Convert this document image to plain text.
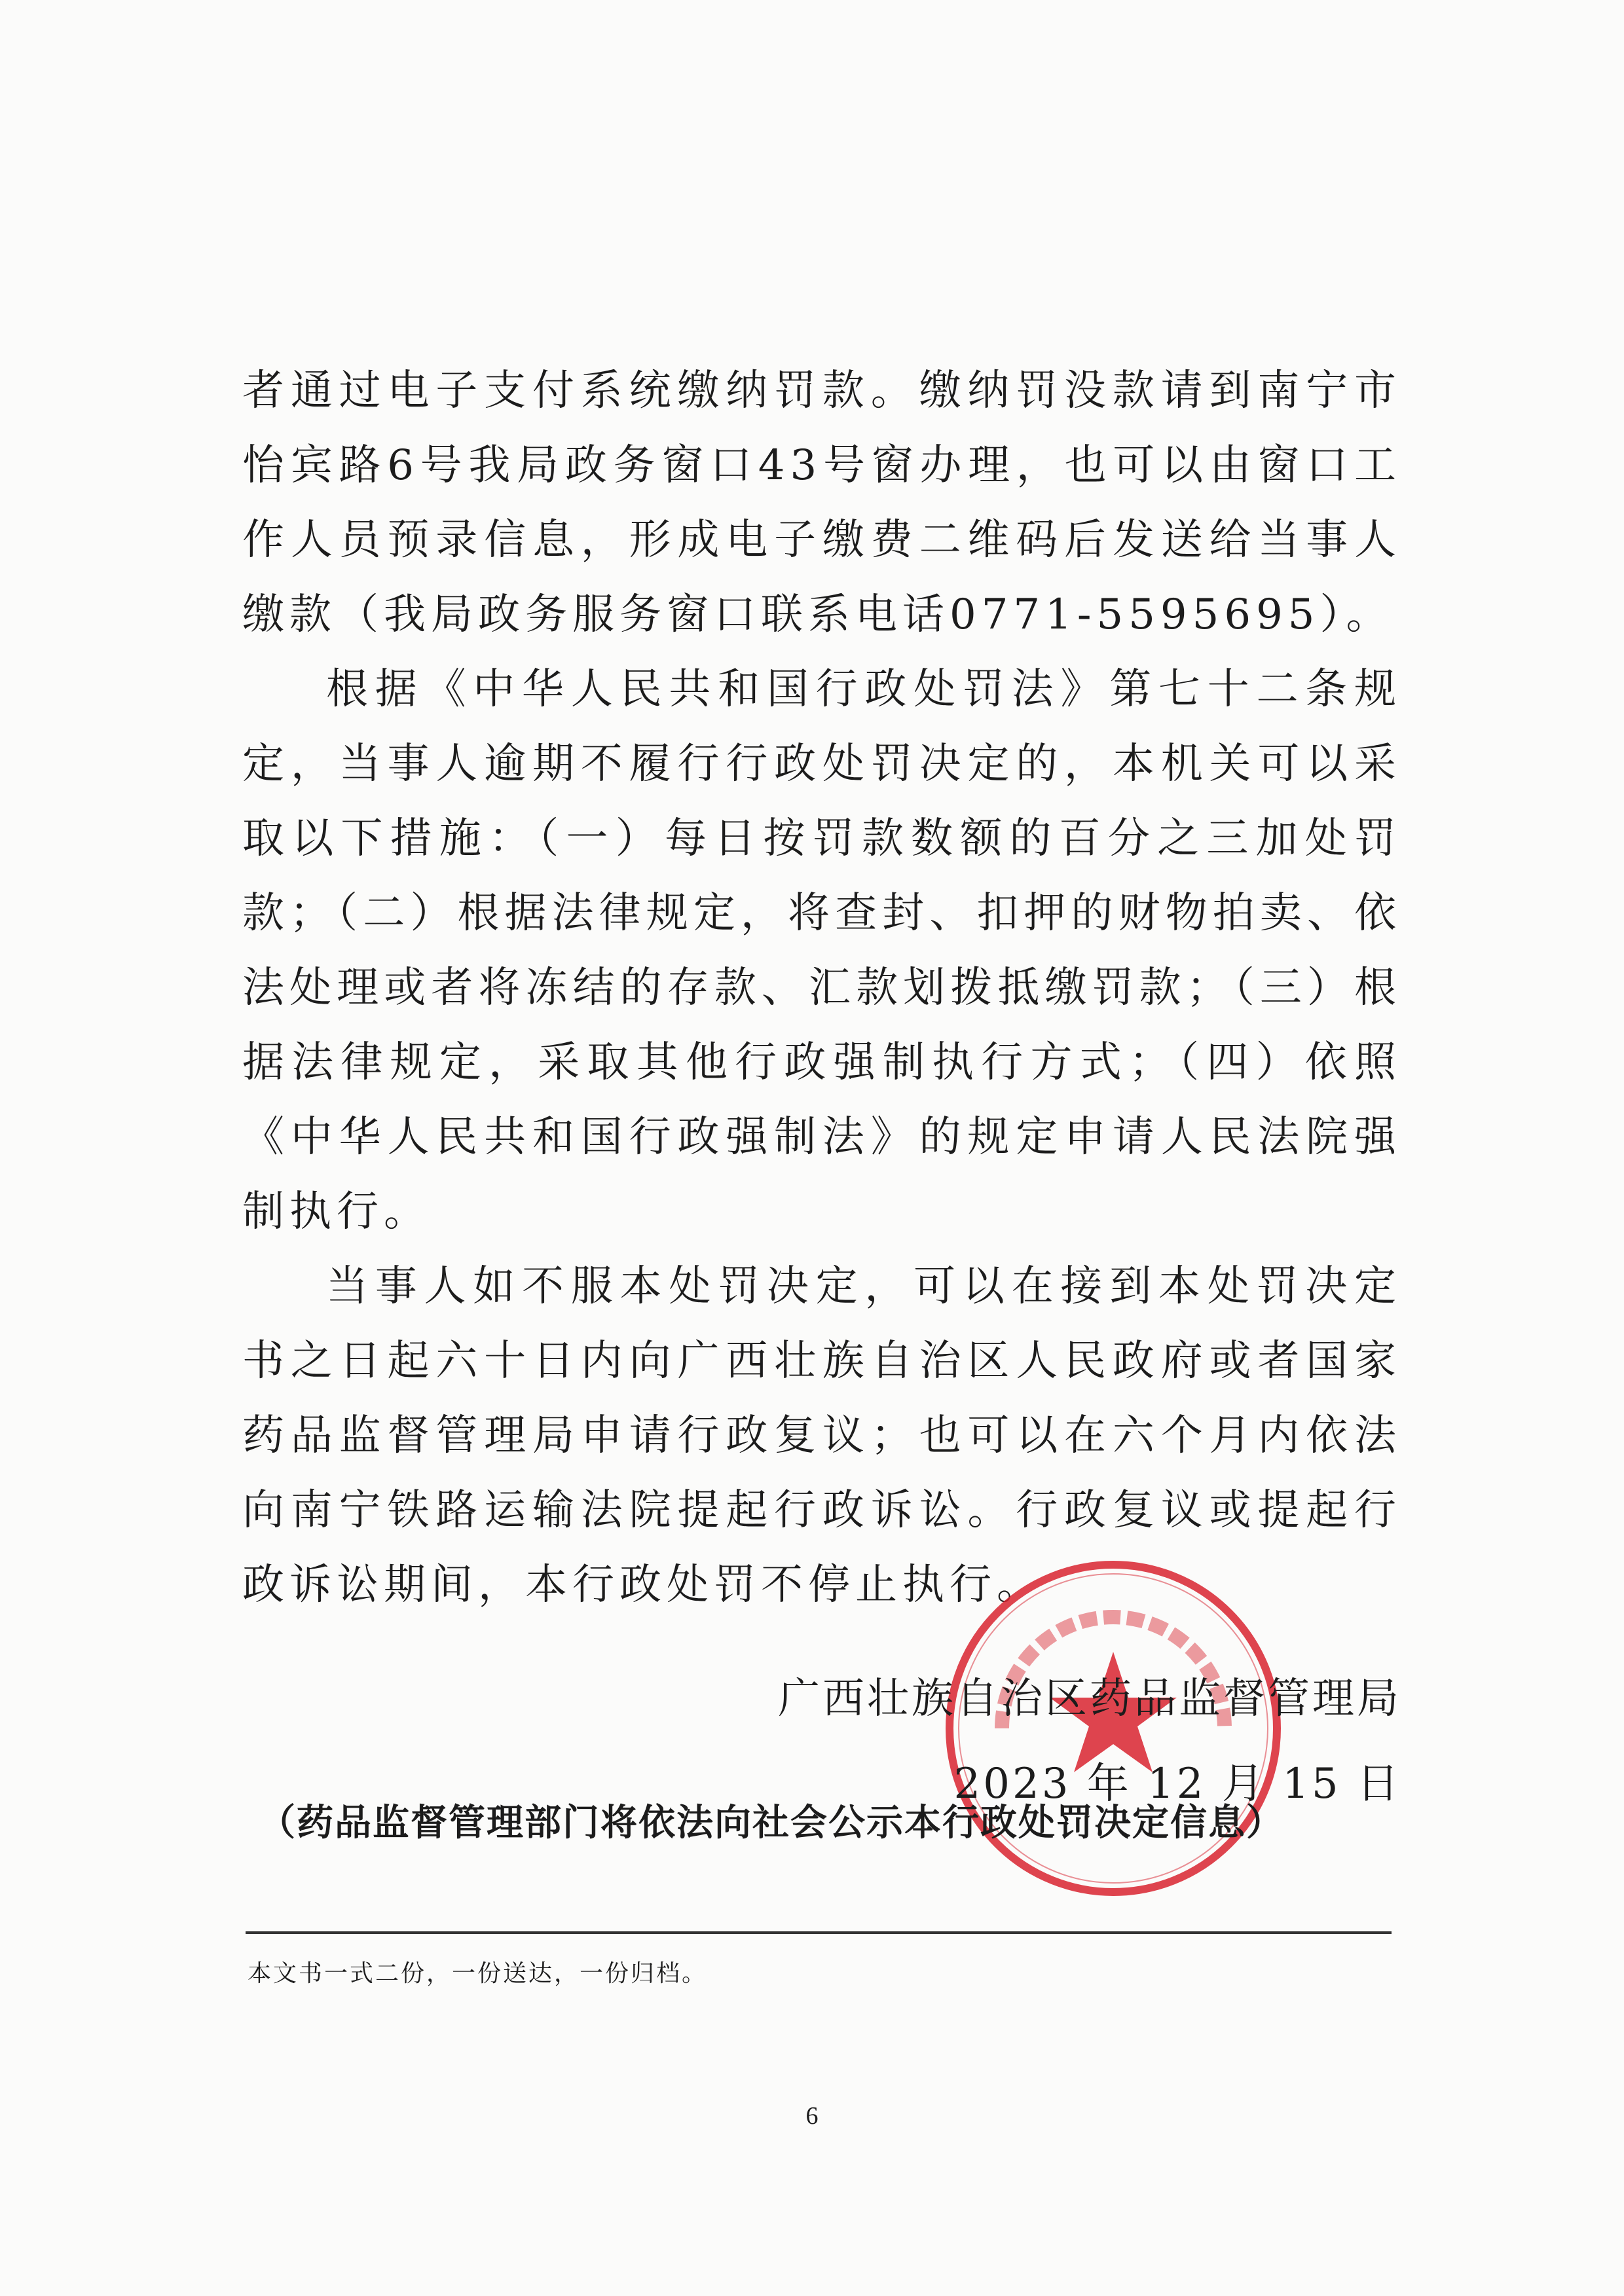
者通过电子支付系统缴纳罚款。缴纳罚没款请到南宁市怡宾路6号我局政务窗口43号窗办理，也可以由窗口工作人员预录信息，形成电子缴费二维码后发送给当事人缴款（我局政务服务窗口联系电话0771-5595695）。

根据《中华人民共和国行政处罚法》第七十二条规定，当事人逾期不履行行政处罚决定的，本机关可以采取以下措施：（一）每日按罚款数额的百分之三加处罚款；（二）根据法律规定，将查封、扣押的财物拍卖、依法处理或者将冻结的存款、汇款划拨抵缴罚款；（三）根据法律规定，采取其他行政强制执行方式；（四）依照《中华人民共和国行政强制法》的规定申请人民法院强制执行。

当事人如不服本处罚决定，可以在接到本处罚决定书之日起六十日内向广西壮族自治区人民政府或者国家药品监督管理局申请行政复议；也可以在六个月内依法向南宁铁路运输法院提起行政诉讼。行政复议或提起行政诉讼期间，本行政处罚不停止执行。

广西壮族自治区药品监督管理局
2023 年 12 月 15 日
（药品监督管理部门将依法向社会公示本行政处罚决定信息）
本文书一式二份，一份送达，一份归档。
6
